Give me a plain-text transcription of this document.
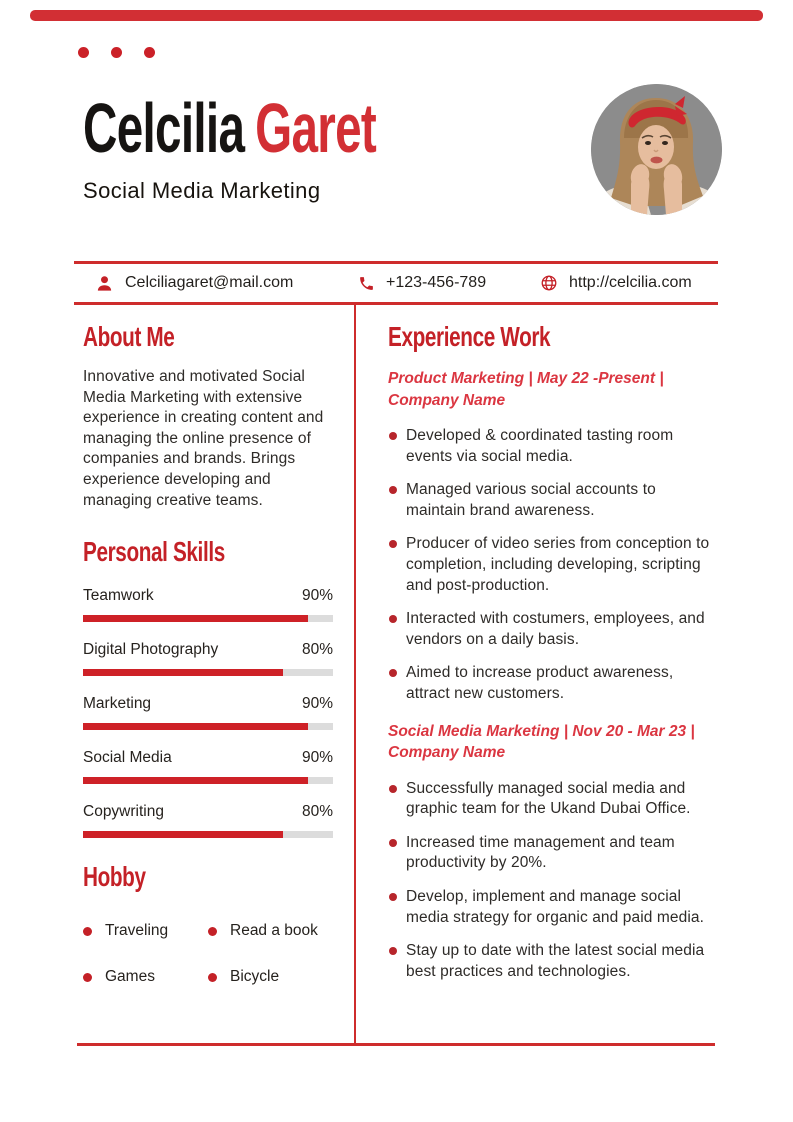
Celcilia Garet
Social Media Marketing
Celciliagaret@mail.com	+123-456-789	http://celcilia.com
About Me

Innovative and motivated Social Media Marketing with extensive experience in creating content and managing the online presence of companies and brands. Brings experience developing and managing creative teams.

Personal Skills
Teamwork	90%
Digital Photography	80%
Marketing	90%
Social Media	90%
Copywriting	80%
Hobby
Traveling	Read a book
Games	Bicycle
Experience Work

Product Marketing | May 22 -Present | Company Name

Developed & coordinated tasting room events via social media.
Managed various social accounts to maintain brand awareness.
Producer of video series from conception to completion, including developing, scripting and post-production.
Interacted with costumers, employees, and vendors on a daily basis.
Aimed to increase product awareness, attract new customers.

Social Media Marketing | Nov 20 - Mar 23 | Company Name

Successfully managed social media and graphic team for the Ukand Dubai Office.
Increased time management and team productivity by 20%.
Develop, implement and manage social media strategy for organic and paid media.
Stay up to date with the latest social media best practices and technologies.
